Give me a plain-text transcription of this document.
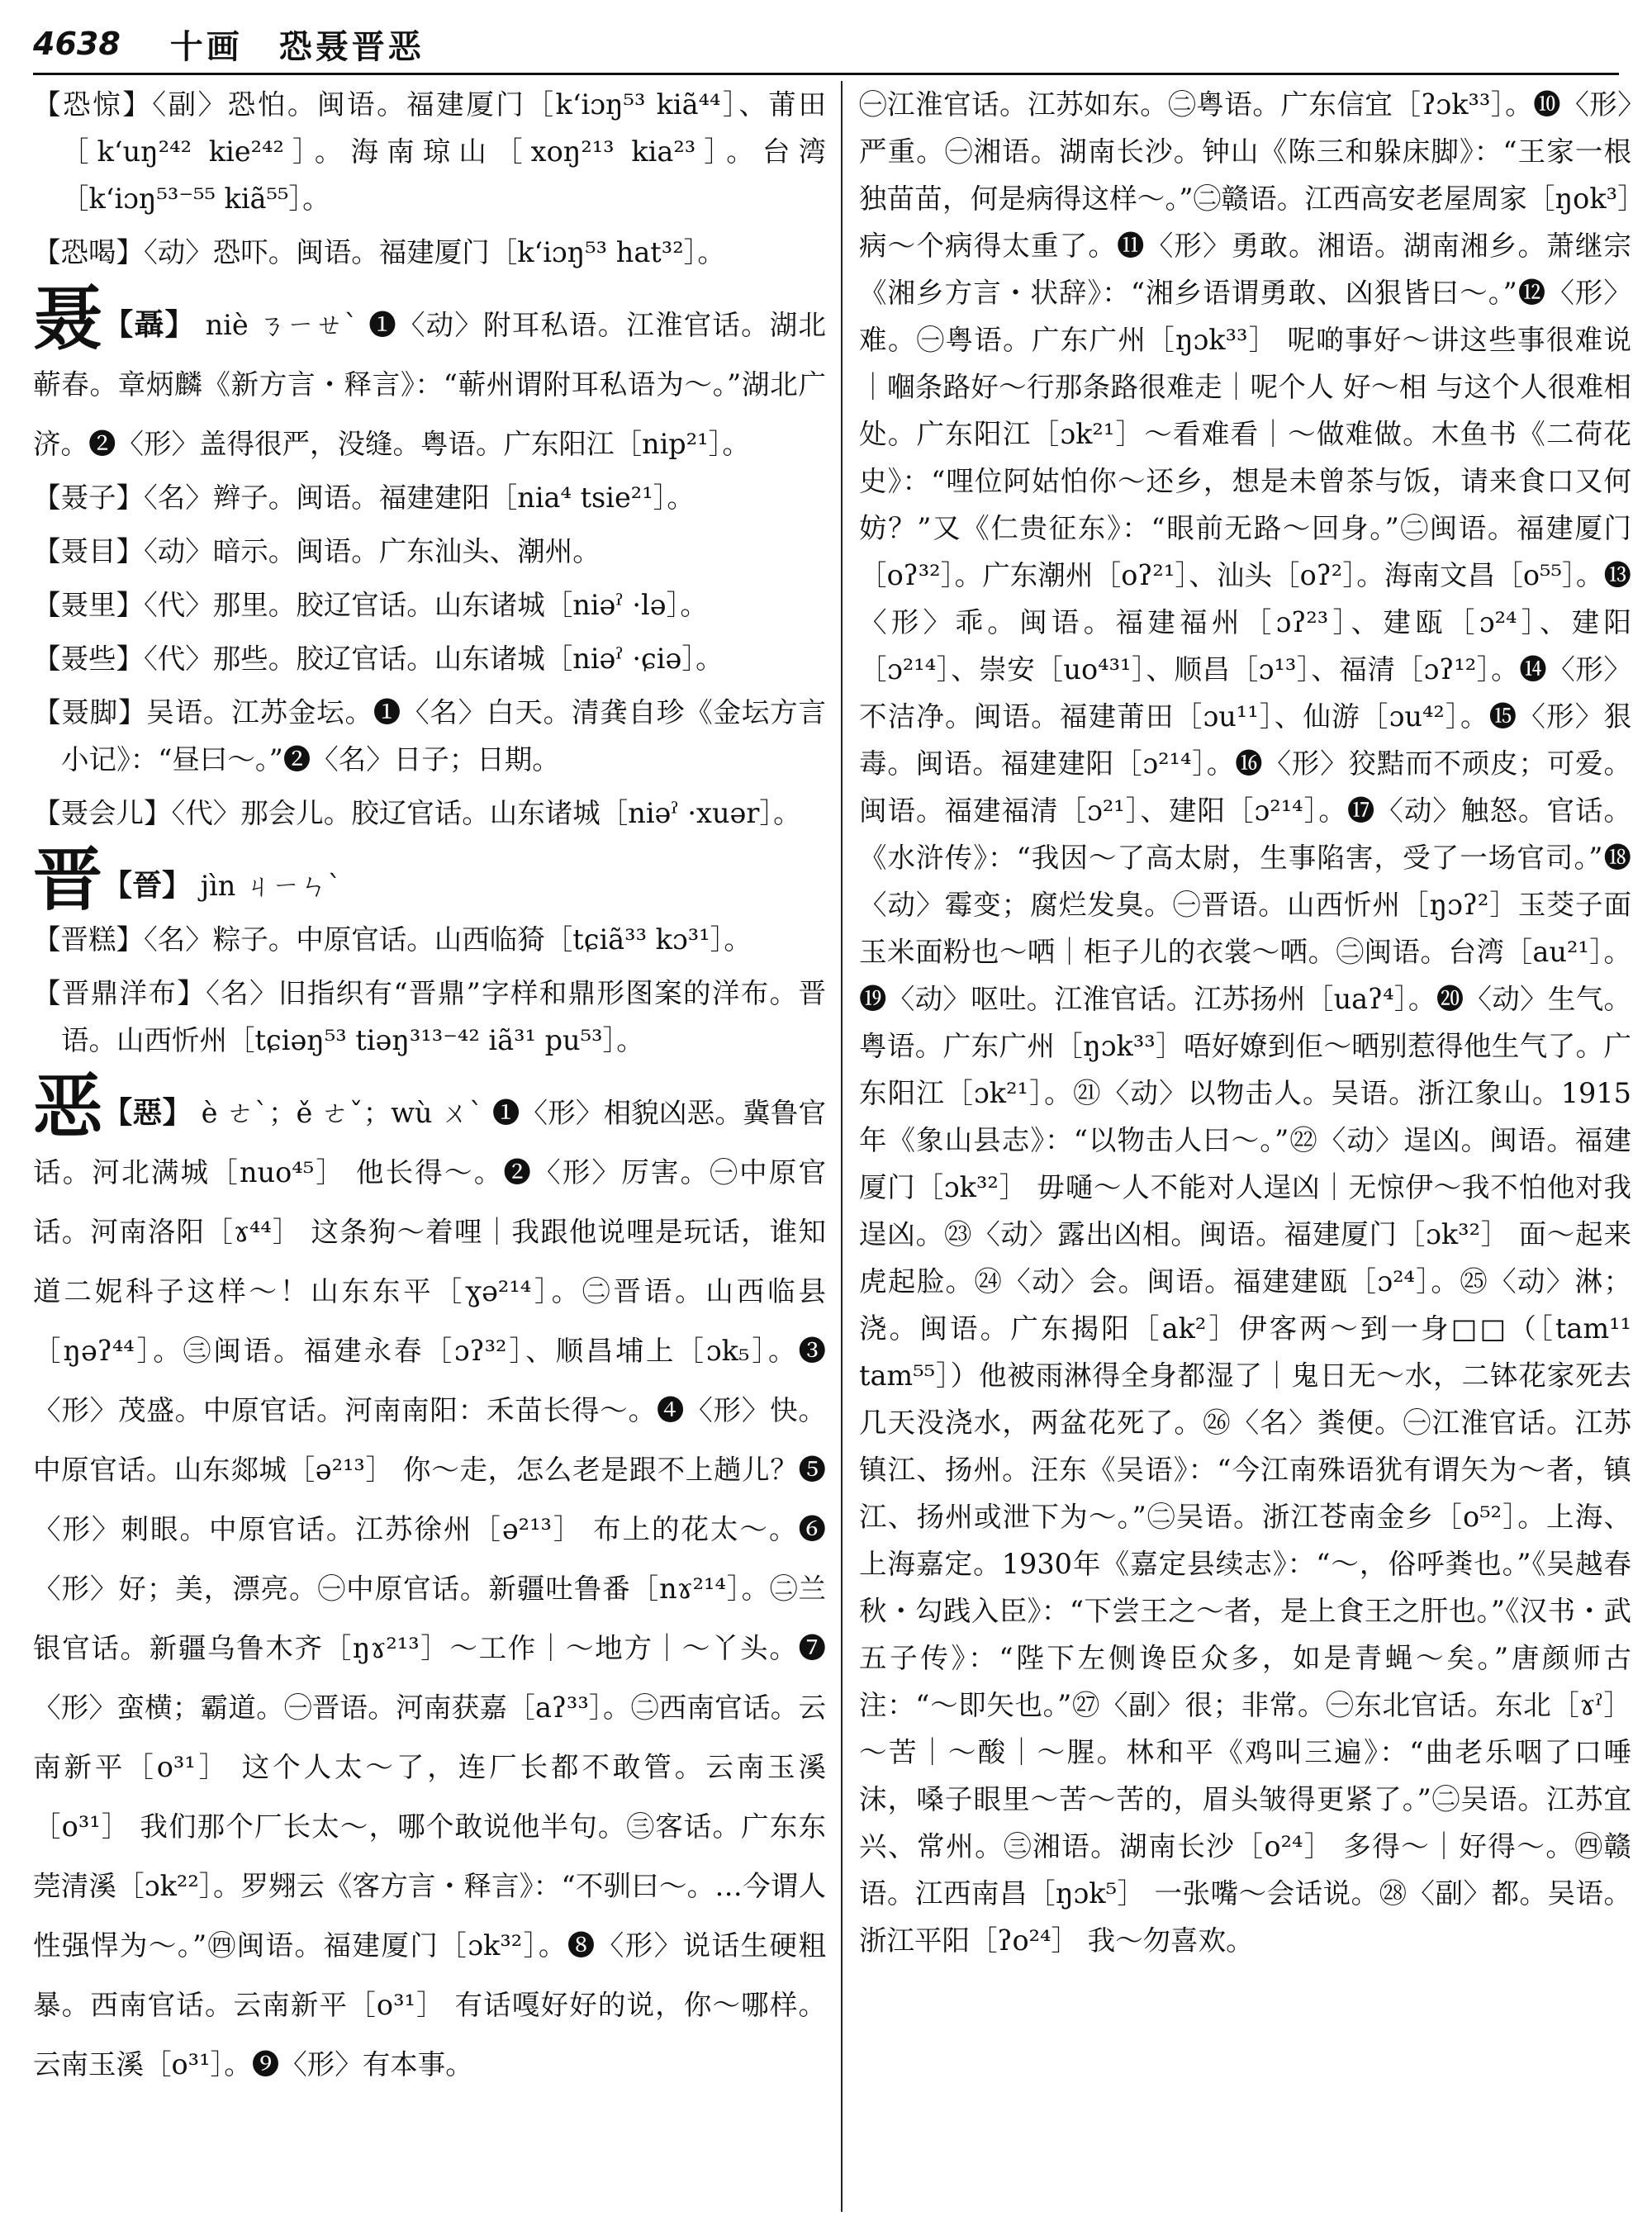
4638 十画　恐聂晋恶

【恐惊】〈副〉恐怕。闽语。福建厦门［k‘iɔŋ⁵³ kiã⁴⁴］、莆田［k‘uŋ²⁴² kie²⁴²］。海南琼山［xoŋ²¹³ kia²³］。台湾［k‘iɔŋ⁵³⁻⁵⁵ kiã⁵⁵］。

【恐喝】〈动〉恐吓。闽语。福建厦门［k‘iɔŋ⁵³ hat³²］。

聂【聶】 niè ㄋㄧㄝˋ ❶〈动〉附耳私语。江淮官话。湖北蕲春。章炳麟《新方言・释言》：“蕲州谓附耳私语为～。”湖北广济。❷〈形〉盖得很严，没缝。粤语。广东阳江［nip²¹］。

【聂子】〈名〉辫子。闽语。福建建阳［nia⁴ tsie²¹］。

【聂目】〈动〉暗示。闽语。广东汕头、潮州。

【聂里】〈代〉那里。胶辽官话。山东诸城［niəˀ ·lə］。

【聂些】〈代〉那些。胶辽官话。山东诸城［niəˀ ·ɕiə］。

【聂脚】吴语。江苏金坛。❶〈名〉白天。清龚自珍《金坛方言小记》：“昼曰～。”❷〈名〉日子；日期。

【聂会儿】〈代〉那会儿。胶辽官话。山东诸城［niəˀ ·xuər］。

晋【晉】 jìn ㄐㄧㄣˋ

【晋糕】〈名〉粽子。中原官话。山西临猗［tɕiã³³ kɔ³¹］。

【晋鼎洋布】〈名〉旧指织有“晋鼎”字样和鼎形图案的洋布。晋语。山西忻州［tɕiəŋ⁵³ tiəŋ³¹³⁻⁴² iã³¹ pu⁵³］。

恶【惡】 è ㄜˋ；ě ㄜˇ；wù ㄨˋ ❶〈形〉相貌凶恶。冀鲁官话。河北满城［nuo⁴⁵］ 他长得～。❷〈形〉厉害。㊀中原官话。河南洛阳［ɤ⁴⁴］ 这条狗～着哩｜我跟他说哩是玩话，谁知道二妮科子这样～！山东东平［ɣə²¹⁴］。㊁晋语。山西临县［ŋəʔ⁴⁴］。㊂闽语。福建永春［ɔʔ³²］、顺昌埔上［ɔk₅］。❸〈形〉茂盛。中原官话。河南南阳：禾苗长得～。❹〈形〉快。中原官话。山东郯城［ə²¹³］ 你～走，怎么老是跟不上趟儿？❺〈形〉刺眼。中原官话。江苏徐州［ə²¹³］ 布上的花太～。❻〈形〉好；美，漂亮。㊀中原官话。新疆吐鲁番［nɤ²¹⁴］。㊁兰银官话。新疆乌鲁木齐［ŋɤ²¹³］～工作｜～地方｜～丫头。❼〈形〉蛮横；霸道。㊀晋语。河南获嘉［aʔ³³］。㊁西南官话。云南新平［o³¹］ 这个人太～了，连厂长都不敢管。云南玉溪［o³¹］ 我们那个厂长太～，哪个敢说他半句。㊂客话。广东东莞清溪［ɔk²²］。罗翙云《客方言・释言》：“不驯曰～。…今谓人性强悍为～。”㊃闽语。福建厦门［ɔk³²］。❽〈形〉说话生硬粗暴。西南官话。云南新平［o³¹］ 有话嘎好好的说，你～哪样。云南玉溪［o³¹］。❾〈形〉有本事。

㊀江淮官话。江苏如东。㊁粤语。广东信宜［ʔɔk³³］。❿〈形〉严重。㊀湘语。湖南长沙。钟山《陈三和躲床脚》：“王家一根独苗苗，何是病得这样～。”㊁赣语。江西高安老屋周家［ŋok³］病～个病得太重了。⓫〈形〉勇敢。湘语。湖南湘乡。萧继宗《湘乡方言・状辞》：“湘乡语谓勇敢、凶狠皆曰～。”⓬〈形〉难。㊀粤语。广东广州［ŋɔk³³］ 呢啲事好～讲这些事很难说｜嗰条路好～行那条路很难走｜呢个人 好～相 与这个人很难相处。广东阳江［ɔk²¹］～看难看｜～做难做。木鱼书《二荷花史》：“哩位阿姑怕你～还乡，想是未曾茶与饭，请来食口又何妨？”又《仁贵征东》：“眼前无路～回身。”㊁闽语。福建厦门［oʔ³²］。广东潮州［oʔ²¹］、汕头［oʔ²］。海南文昌［o⁵⁵］。⓭〈形〉乖。闽语。福建福州［ɔʔ²³］、建瓯［ɔ²⁴］、建阳［ɔ²¹⁴］、崇安［uo⁴³¹］、顺昌［ɔ¹³］、福清［ɔʔ¹²］。⓮〈形〉不洁净。闽语。福建莆田［ɔu¹¹］、仙游［ɔu⁴²］。⓯〈形〉狠毒。闽语。福建建阳［ɔ²¹⁴］。⓰〈形〉狡黠而不顽皮；可爱。闽语。福建福清［ɔ²¹］、建阳［ɔ²¹⁴］。⓱〈动〉触怒。官话。《水浒传》：“我因～了高太尉，生事陷害，受了一场官司。”⓲〈动〉霉变；腐烂发臭。㊀晋语。山西忻州［ŋɔʔ²］玉茭子面玉米面粉也～哂｜柜子儿的衣裳～哂。㊁闽语。台湾［au²¹］。⓳〈动〉呕吐。江淮官话。江苏扬州［uaʔ⁴］。⓴〈动〉生气。粤语。广东广州［ŋɔk³³］唔好嫽到佢～晒别惹得他生气了。广东阳江［ɔk²¹］。㉑〈动〉以物击人。吴语。浙江象山。1915年《象山县志》：“以物击人曰～。”㉒〈动〉逞凶。闽语。福建厦门［ɔk³²］ 毋嗵～人不能对人逞凶｜无惊伊～我不怕他对我逞凶。㉓〈动〉露出凶相。闽语。福建厦门［ɔk³²］ 面～起来虎起脸。㉔〈动〉会。闽语。福建建瓯［ɔ²⁴］。㉕〈动〉淋；浇。闽语。广东揭阳［ak²］伊客两～到一身□□（［tam¹¹ tam⁵⁵］）他被雨淋得全身都湿了｜鬼日无～水，二钵花家死去几天没浇水，两盆花死了。㉖〈名〉粪便。㊀江淮官话。江苏镇江、扬州。汪东《吴语》：“今江南殊语犹有谓矢为～者，镇江、扬州或泄下为～。”㊁吴语。浙江苍南金乡［o⁵²］。上海、上海嘉定。1930年《嘉定县续志》：“～，俗呼粪也。”《吴越春秋・勾践入臣》：“下尝王之～者，是上食王之肝也。”《汉书・武五子传》：“陛下左侧谗臣众多，如是青蝇～矣。”唐颜师古注：“～即矢也。”㉗〈副〉很；非常。㊀东北官话。东北［ɤˀ］～苦｜～酸｜～腥。林和平《鸡叫三遍》：“曲老乐咽了口唾沫，嗓子眼里～苦～苦的，眉头皱得更紧了。”㊁吴语。江苏宜兴、常州。㊂湘语。湖南长沙［o²⁴］ 多得～｜好得～。㊃赣语。江西南昌［ŋɔk⁵］ 一张嘴～会话说。㉘〈副〉都。吴语。浙江平阳［ʔo²⁴］ 我～勿喜欢。
